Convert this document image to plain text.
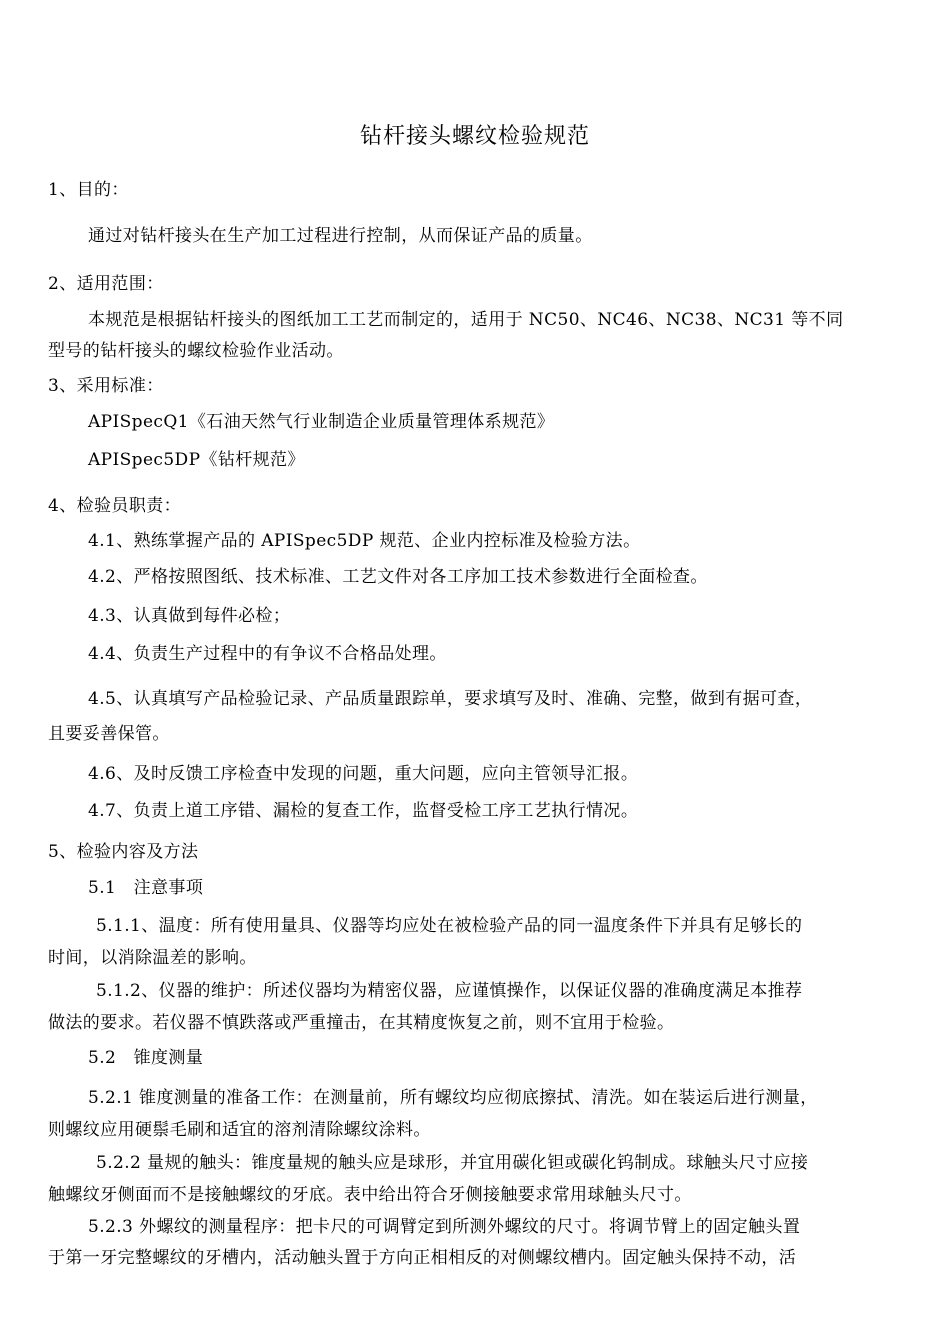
钻杆接头螺纹检验规范
1、目的：
通过对钻杆接头在生产加工过程进行控制，从而保证产品的质量。
2、适用范围：
本规范是根据钻杆接头的图纸加工工艺而制定的，适用于 NC50、NC46、NC38、NC31 等不同
型号的钻杆接头的螺纹检验作业活动。
3、采用标准：
APISpecQ1《石油天然气行业制造企业质量管理体系规范》
APISpec5DP《钻杆规范》
4、检验员职责：
4.1、熟练掌握产品的 APISpec5DP 规范、企业内控标准及检验方法。
4.2、严格按照图纸、技术标准、工艺文件对各工序加工技术参数进行全面检查。
4.3、认真做到每件必检；
4.4、负责生产过程中的有争议不合格品处理。
4.5、认真填写产品检验记录、产品质量跟踪单，要求填写及时、准确、完整，做到有据可查，
且要妥善保管。
4.6、及时反馈工序检查中发现的问题，重大问题，应向主管领导汇报。
4.7、负责上道工序错、漏检的复查工作，监督受检工序工艺执行情况。
5、检验内容及方法
5.1　注意事项
5.1.1、温度：所有使用量具、仪器等均应处在被检验产品的同一温度条件下并具有足够长的
时间，以消除温差的影响。
5.1.2、仪器的维护：所述仪器均为精密仪器，应谨慎操作，以保证仪器的准确度满足本推荐
做法的要求。若仪器不慎跌落或严重撞击，在其精度恢复之前，则不宜用于检验。
5.2　锥度测量
5.2.1 锥度测量的准备工作：在测量前，所有螺纹均应彻底擦拭、清洗。如在装运后进行测量，
则螺纹应用硬鬃毛刷和适宜的溶剂清除螺纹涂料。
5.2.2 量规的触头：锥度量规的触头应是球形，并宜用碳化钽或碳化钨制成。球触头尺寸应接
触螺纹牙侧面而不是接触螺纹的牙底。表中给出符合牙侧接触要求常用球触头尺寸。
5.2.3 外螺纹的测量程序：把卡尺的可调臂定到所测外螺纹的尺寸。将调节臂上的固定触头置
于第一牙完整螺纹的牙槽内，活动触头置于方向正相相反的对侧螺纹槽内。固定触头保持不动，活
